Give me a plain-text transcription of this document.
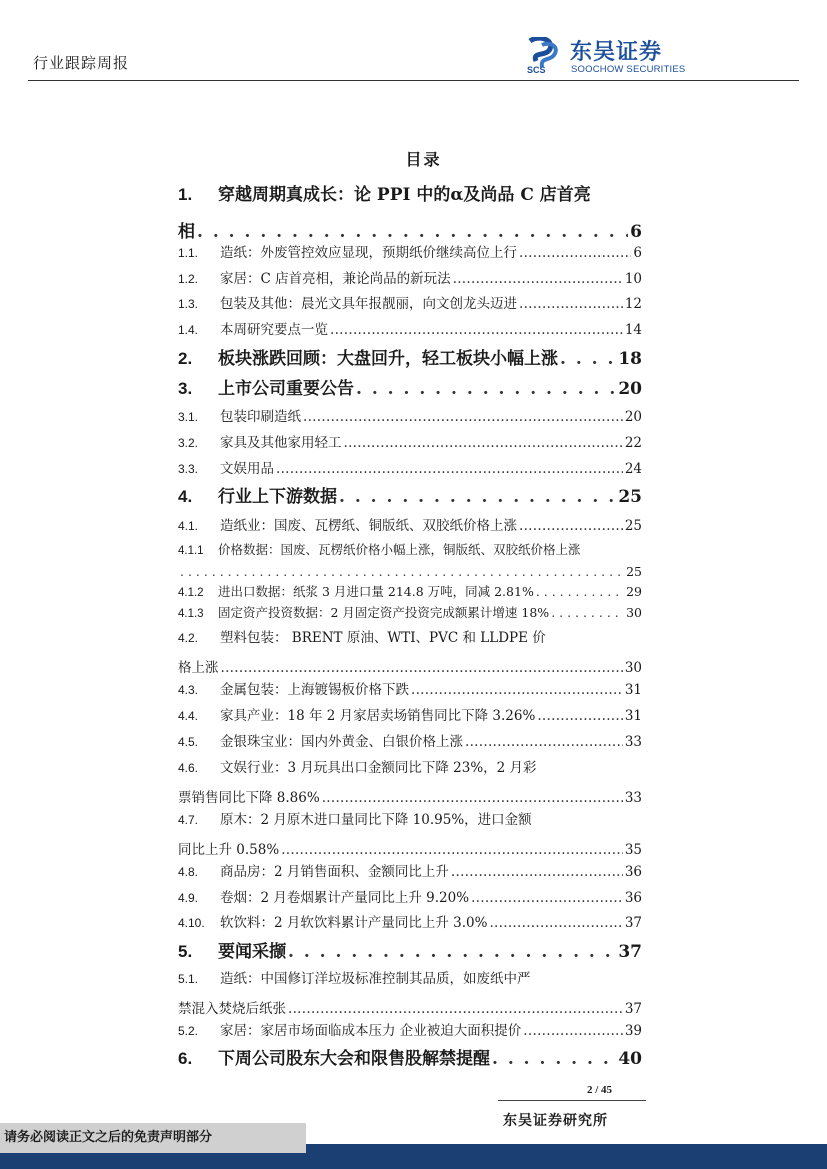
行业跟踪周报	SCS
东吴证券
SOOCHOW SECURITIES
目录
1.	穿越周期真成长：论 PPI 中的α及尚品 C 店首亮
相 . . .	6
1.1.	造纸：外废管控效应显现，预期纸价继续高位上行 .....	6
1.2.	家居：C 店首亮相，兼论尚品的新玩法 .....	10
1.3.	包装及其他：晨光文具年报靓丽，向文创龙头迈进 .....	12
1.4.	本周研究要点一览 .....	14
2.	板块涨跌回顾：大盘回升，轻工板块小幅上涨 . . .	18
3.	上市公司重要公告 . . .	20
3.1.	包装印刷造纸 .....	20
3.2.	家具及其他家用轻工 .....	22
3.3.	文娱用品 .....	24
4.	行业上下游数据 . . .	25
4.1.	造纸业：国废、瓦楞纸、铜版纸、双胶纸价格上涨 .....	25
4.1.1	价格数据：国废、瓦楞纸价格小幅上涨，铜版纸、双胶纸价格上涨
. . .
25
4.1.2	进出口数据：纸浆 3 月进口量 214.8 万吨，同减 2.81% . . .	29
4.1.3	固定资产投资数据：2 月固定资产投资完成额累计增速 18% . . .	30
4.2.	塑料包装： BRENT 原油、WTI、PVC 和 LLDPE 价
格上涨 .....	30
4.3.	金属包装：上海镀锡板价格下跌 .....	31
4.4.	家具产业：18 年 2 月家居卖场销售同比下降 3.26% .....	31
4.5.	金银珠宝业：国内外黄金、白银价格上涨 .....	33
4.6.	文娱行业：3 月玩具出口金额同比下降 23%，2 月彩
票销售同比下降 8.86% .....	33
4.7.	原木：2 月原木进口量同比下降 10.95%，进口金额
同比上升 0.58% .....	35
4.8.	商品房：2 月销售面积、金额同比上升 .....	36
4.9.	卷烟：2 月卷烟累计产量同比上升 9.20% .....	36
4.10.	软饮料：2 月软饮料累计产量同比上升 3.0% .....	37
5.	要闻采撷 . . .	37
5.1.	造纸：中国修订洋垃圾标准控制其品质，如废纸中严
禁混入焚烧后纸张 .....	37
5.2.	家居：家居市场面临成本压力 企业被迫大面积提价 .....	39
6.	下周公司股东大会和限售股解禁提醒 . . .	40
2 / 45
东吴证券研究所
请务必阅读正文之后的免责声明部分
